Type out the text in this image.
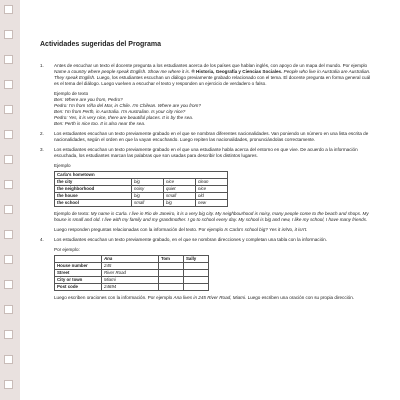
Actividades sugeridas del Programa
1.	Antes de escuchar un texto el docente pregunta a los estudiantes acerca de los países que hablan inglés, con apoyo de un mapa del mundo. Por ejemplo Name a country where people speak English. Show me where it is. ® Historia, Geografía y Ciencias Sociales. People who live in Australia are Australian. They speak English. Luego, los estudiantes escuchan un diálogo previamente grabado relacionado con el tema. El docente pregunta en forma general cuál es el tema del diálogo. Luego vuelven a escuchar el texto y responden un ejercicio de verdadero o falso.

Ejemplo de texto

Ben: Where are you from, Pedro?

Pedro: I'm from Viña del Mar, in Chile. I'm Chilean. Where are you from?

Ben: I'm from Perth, in Australia. I'm Australian. Is your city nice?

Pedro: Yes, it is very nice, there are beautiful places. It is by the sea.

Ben: Perth is nice too. It is also near the sea.

2.	Los estudiantes escuchan un texto previamente grabado en el que se nombran diferentes nacionalidades. Van poniendo un número en una lista escrita de nacionalidades, según el orden en que la vayan escuchando. Luego repiten las nacionalidades, pronunciándolas correctamente.

3.	Los estudiantes escuchan un texto previamente grabado en el que una estudiante habla acerca del entorno en que vive. De acuerdo a la información escuchada, los estudiantes marcan las palabras que son usadas para describir los distintos lugares.

Ejemplo

Carla's hometown			
the city	big	nice	clean
the neighborhood	noisy	quiet	nice
the house	big	small	old
the school	small	big	new

Ejemplo de texto: My name is Carla. I live in Rio de Janeiro, it is a very big city. My neighbourhood is noisy, many people come to the beach and shops. My house is small and old. I live with my family and my grandmother. I go to school every day. My school is big and new, I like my school, I have many friends.

Luego responden preguntas relacionadas con la información del texto. Por ejemplo Is Carla's school big? Yes it is/No, it isn't.

4.	Los estudiantes escuchan un texto previamente grabado, en el que se nombran direcciones y completan una tabla con la información.

Por ejemplo:

	Ana	Tom	Sally
House number	245		
Street	River Road		
City or town	Miami		
Post code	24694		

Luego escriben oraciones con la información. Por ejemplo Ana lives in 245 River Road, Miami. Luego escriben una oración con su propia dirección.
